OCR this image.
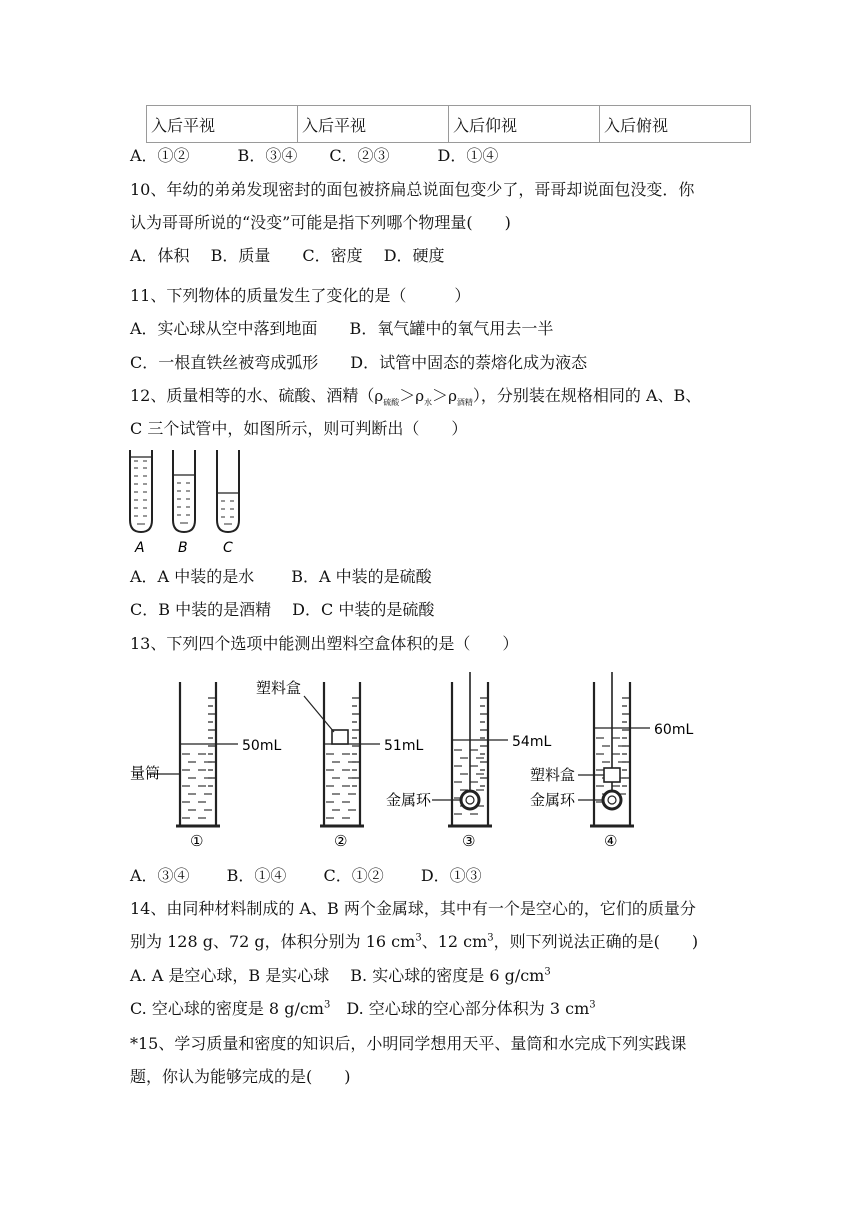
入后平视	入后平视	入后仰视	入后俯视
A．①②　　　B．③④　　C．②③　　　D．①④
10、年幼的弟弟发现密封的面包被挤扁总说面包变少了，哥哥却说面包没变．你
认为哥哥所说的“没变”可能是指下列哪个物理量(　　)
A．体积　 B．质量　　C．密度　 D．硬度
11、下列物体的质量发生了变化的是（　　　）
A．实心球从空中落到地面　　B．氧气罐中的氧气用去一半
C．一根直铁丝被弯成弧形　　D．试管中固态的萘熔化成为液态
12、质量相等的水、硫酸、酒精$(\rho_{硫酸}>\rho_水>\rho_{酒精})$，分别装在规格相同的 A、B、
C 三个试管中，如图所示，则可判断出（　　）
A B	C
A．A 中装的是水　　 B．A 中装的是硫酸
C．B 中装的是酒精　 D．C 中装的是硫酸
13、下列四个选项中能测出塑料空盒体积的是（　　）
50mL
量筒
①
塑料盒
51mL
②
54mL
金属环
③
60mL
塑料盒
金属环
④
A．③④　　 B．①④　　 C．①②　　 D．①③
14、由同种材料制成的 A、B 两个金属球，其中有一个是空心的，它们的质量分
别为 128 g、72 g，体积分别为 16 $cm^3$、12 $cm^3$，则下列说法正确的是(　　)
A. A 是空心球，B 是实心球　 B. 实心球的密度是 6 $g/cm^3$
C. 空心球的密度是 8 $g/cm^3$　D. 空心球的空心部分体积为 3 $cm^3$
*15、学习质量和密度的知识后，小明同学想用天平、量筒和水完成下列实践课
题，你认为能够完成的是(　　)
